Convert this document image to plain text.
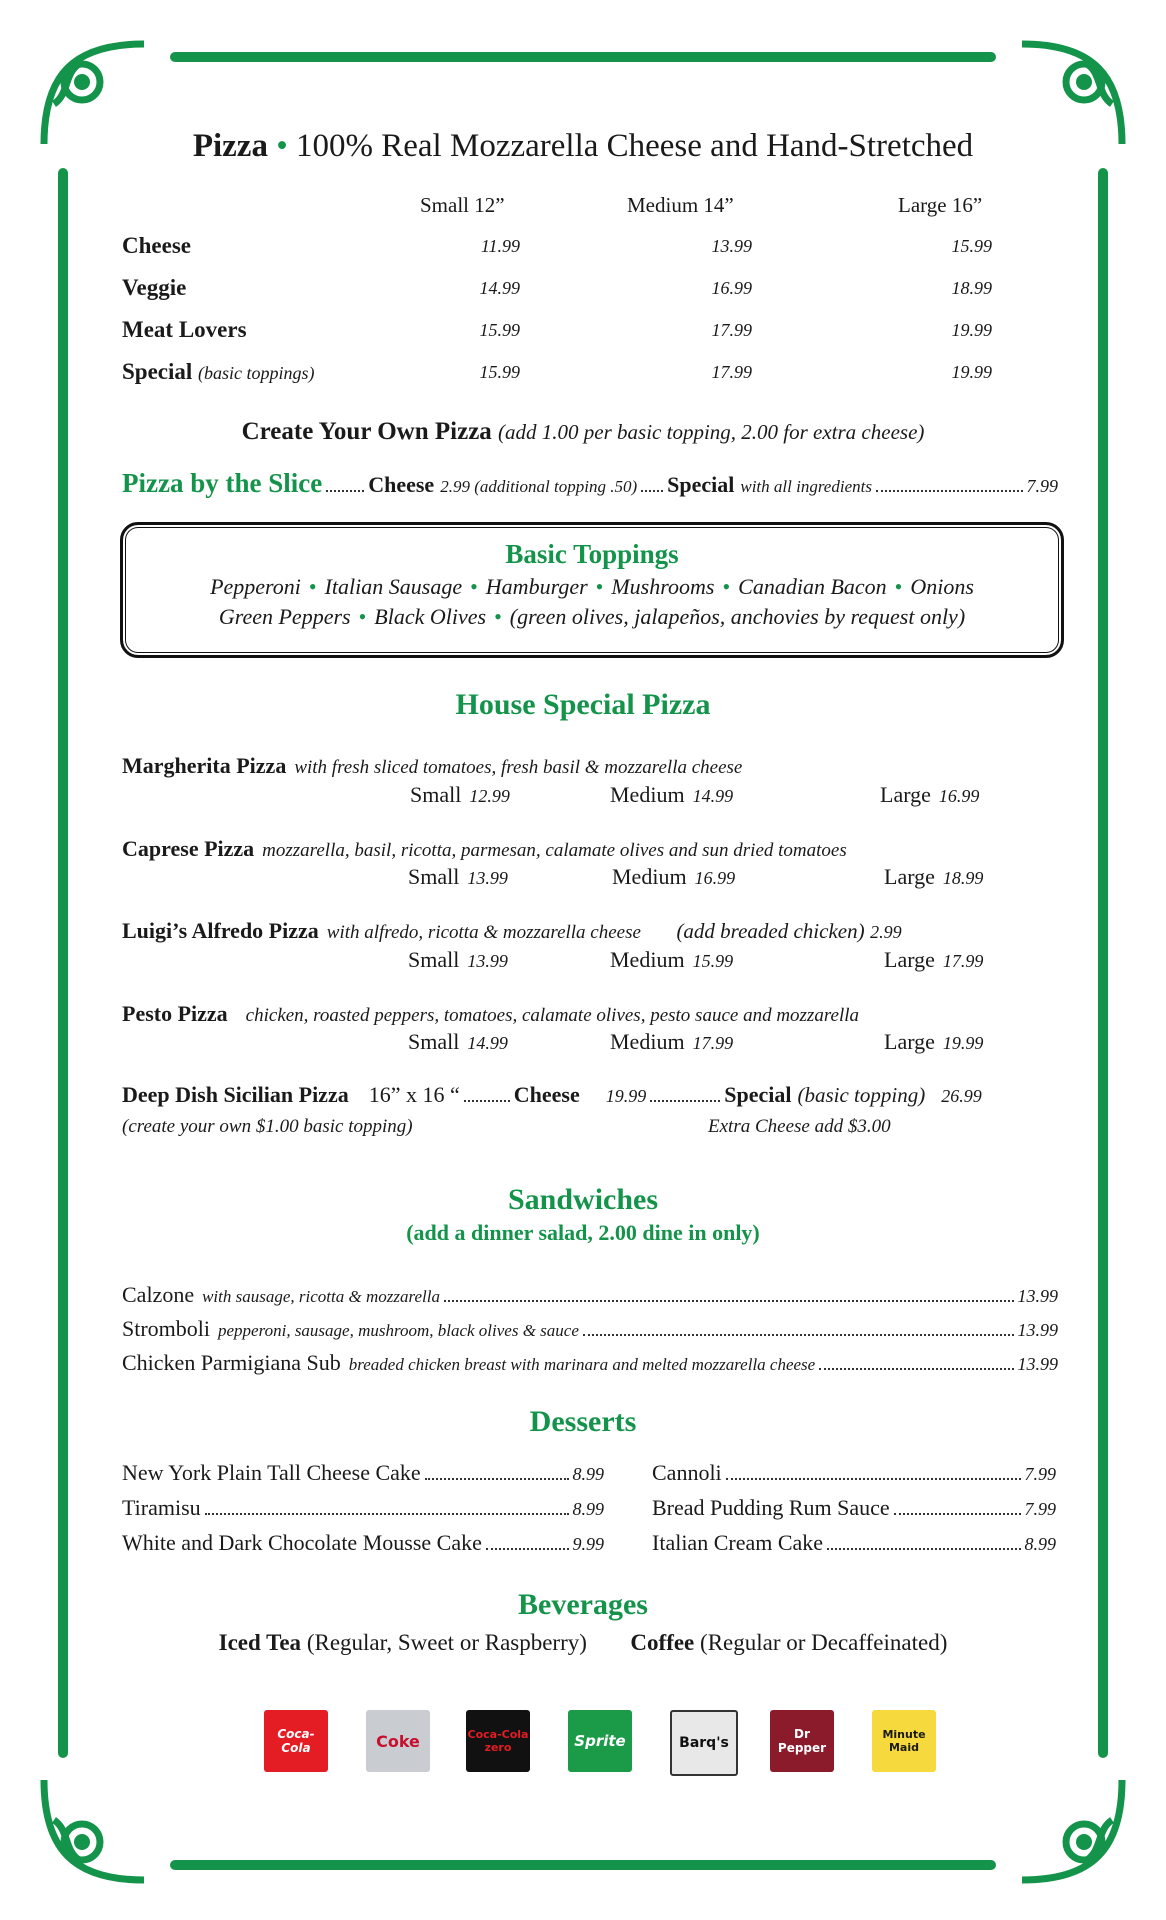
Pizza • 100% Real Mozzarella Cheese and Hand-Stretched
Small 12”	Medium 14”	Large 16”
Cheese	11.99	13.99	15.99
Veggie	14.99	16.99	18.99
Meat Lovers	15.99	17.99	19.99
Special (basic toppings)	15.99	17.99	19.99
Create Your Own Pizza (add 1.00 per basic topping, 2.00 for extra cheese)
Pizza by the Slice Cheese 2.99 (additional topping .50) Special with all ingredients	7.99
Basic Toppings
Pepperoni • Italian Sausage • Hamburger • Mushrooms • Canadian Bacon • Onions
Green Peppers • Black Olives • (green olives, jalapeños, anchovies by request only)
House Special Pizza
Margherita Pizza with fresh sliced tomatoes, fresh basil & mozzarella cheese
Small 12.99	Medium 14.99	Large 16.99
Caprese Pizza mozzarella, basil, ricotta, parmesan, calamate olives and sun dried tomatoes
Small 13.99	Medium 16.99	Large 18.99
Luigi’s Alfredo Pizza with alfredo, ricotta & mozzarella cheese (add breaded chicken) 2.99
Small 13.99	Medium 15.99	Large 17.99
Pesto Pizza chicken, roasted peppers, tomatoes, calamate olives, pesto sauce and mozzarella
Small 14.99	Medium 17.99	Large 19.99
Deep Dish Sicilian Pizza 16” x 16 “ Cheese 19.99	Special (basic topping) 26.99
(create your own $1.00 basic topping)	Extra Cheese add $3.00
Sandwiches
(add a dinner salad, 2.00 dine in only)
Calzone with sausage, ricotta & mozzarella	13.99
Stromboli pepperoni, sausage, mushroom, black olives & sauce	13.99
Chicken Parmigiana Sub breaded chicken breast with marinara and melted mozzarella cheese	13.99
Desserts
New York Plain Tall Cheese Cake	8.99
Tiramisu	8.99
White and Dark Chocolate Mousse Cake	9.99
Cannoli	7.99
Bread Pudding Rum Sauce	7.99
Italian Cream Cake	8.99
Beverages
Iced Tea (Regular, Sweet or Raspberry) Coffee (Regular or Decaffeinated)
Coca-Cola	Coke	Coca-Cola zero	Sprite	Barq's
Dr Pepper
Minute Maid
